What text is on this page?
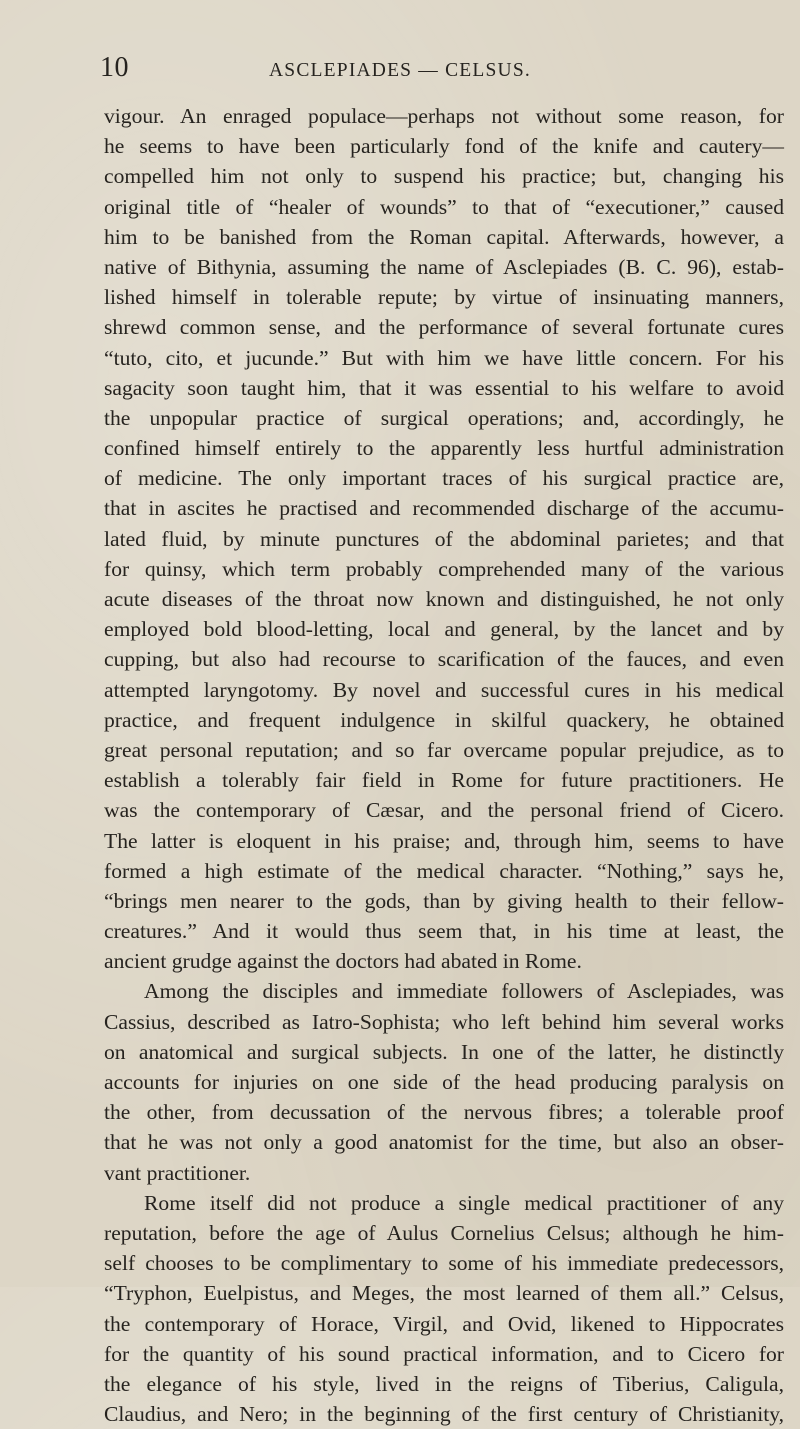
10	ASCLEPIADES — CELSUS.
vigour. An enraged populace—perhaps not without some reason, for
he seems to have been particularly fond of the knife and cautery—
compelled him not only to suspend his practice; but, changing his
original title of “healer of wounds” to that of “executioner,” caused
him to be banished from the Roman capital. Afterwards, however, a
native of Bithynia, assuming the name of Asclepiades (B. C. 96), estab-
lished himself in tolerable repute; by virtue of insinuating manners,
shrewd common sense, and the performance of several fortunate cures
“tuto, cito, et jucunde.” But with him we have little concern. For his
sagacity soon taught him, that it was essential to his welfare to avoid
the unpopular practice of surgical operations; and, accordingly, he
confined himself entirely to the apparently less hurtful administration
of medicine. The only important traces of his surgical practice are,
that in ascites he practised and recommended discharge of the accumu-
lated fluid, by minute punctures of the abdominal parietes; and that
for quinsy, which term probably comprehended many of the various
acute diseases of the throat now known and distinguished, he not only
employed bold blood-letting, local and general, by the lancet and by
cupping, but also had recourse to scarification of the fauces, and even
attempted laryngotomy. By novel and successful cures in his medical
practice, and frequent indulgence in skilful quackery, he obtained
great personal reputation; and so far overcame popular prejudice, as to
establish a tolerably fair field in Rome for future practitioners. He
was the contemporary of Cæsar, and the personal friend of Cicero.
The latter is eloquent in his praise; and, through him, seems to have
formed a high estimate of the medical character. “Nothing,” says he,
“brings men nearer to the gods, than by giving health to their fellow-
creatures.” And it would thus seem that, in his time at least, the
ancient grudge against the doctors had abated in Rome.
Among the disciples and immediate followers of Asclepiades, was
Cassius, described as Iatro-Sophista; who left behind him several works
on anatomical and surgical subjects. In one of the latter, he distinctly
accounts for injuries on one side of the head producing paralysis on
the other, from decussation of the nervous fibres; a tolerable proof
that he was not only a good anatomist for the time, but also an obser-
vant practitioner.
Rome itself did not produce a single medical practitioner of any
reputation, before the age of Aulus Cornelius Celsus; although he him-
self chooses to be complimentary to some of his immediate predecessors,
“Tryphon, Euelpistus, and Meges, the most learned of them all.” Celsus,
the contemporary of Horace, Virgil, and Ovid, likened to Hippocrates
for the quantity of his sound practical information, and to Cicero for
the elegance of his style, lived in the reigns of Tiberius, Caligula,
Claudius, and Nero; in the beginning of the first century of Christianity,
